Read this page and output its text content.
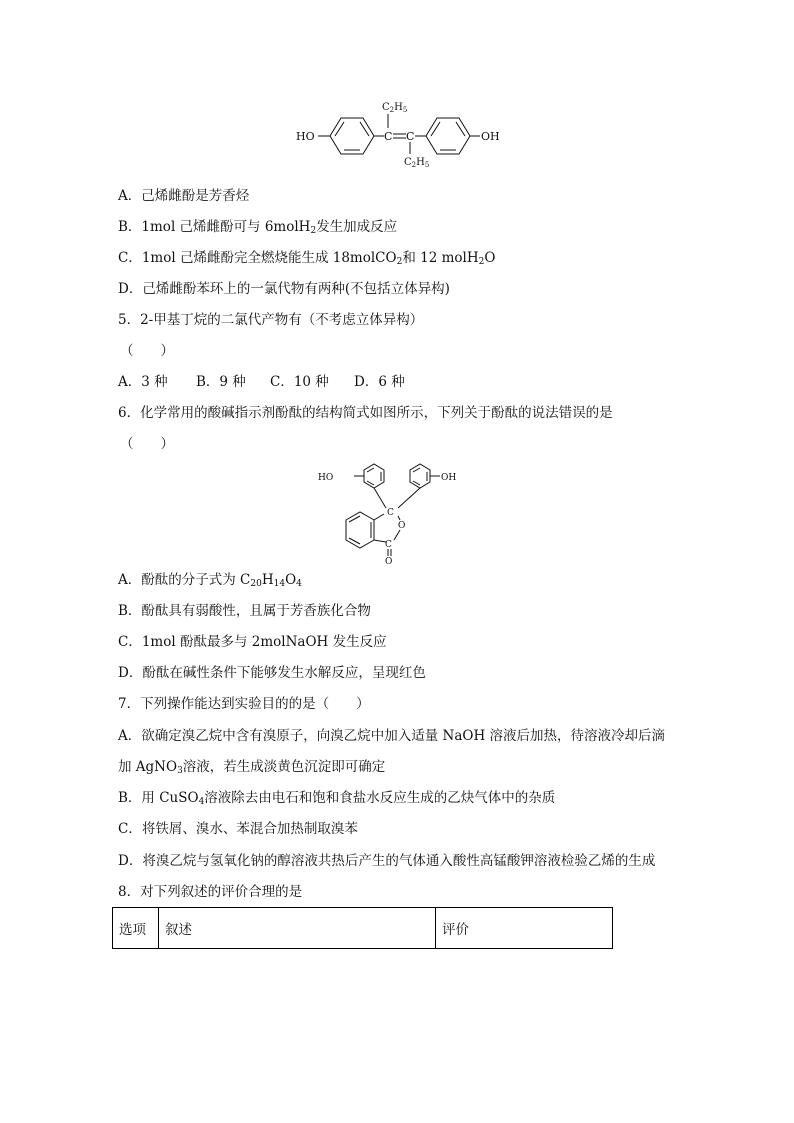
HO	C C
$C_2H_5$
$C_2H_5$
OH
A．己烯雌酚是芳香烃
B．1mol 己烯雌酚可与 6molH$_2$发生加成反应
C．1mol 己烯雌酚完全燃烧能生成 18molCO$_2$和 12 molH$_2$O
D．己烯雌酚苯环上的一氯代物有两种(不包括立体异构)
5．2-甲基丁烷的二氯代产物有（不考虑立体异构）
（　　）
A．3 种 B．9 种 C．10 种 D．6 种
6．化学常用的酸碱指示剂酚酞的结构简式如图所示，下列关于酚酞的说法错误的是
（　　）
HO	OH
C
O
C
O
A．酚酞的分子式为 $C_{20}H_{14}O_4$
B．酚酞具有弱酸性，且属于芳香族化合物
C．1mol 酚酞最多与 2molNaOH 发生反应
D．酚酞在碱性条件下能够发生水解反应，呈现红色
7．下列操作能达到实验目的的是（　　）
A．欲确定溴乙烷中含有溴原子，向溴乙烷中加入适量 NaOH 溶液后加热，待溶液冷却后滴
加 AgNO$_3$溶液，若生成淡黄色沉淀即可确定
B．用 CuSO$_4$溶液除去由电石和饱和食盐水反应生成的乙炔气体中的杂质
C．将铁屑、溴水、苯混合加热制取溴苯
D．将溴乙烷与氢氧化钠的醇溶液共热后产生的气体通入酸性高锰酸钾溶液检验乙烯的生成
8．对下列叙述的评价合理的是
选项	叙述	评价
